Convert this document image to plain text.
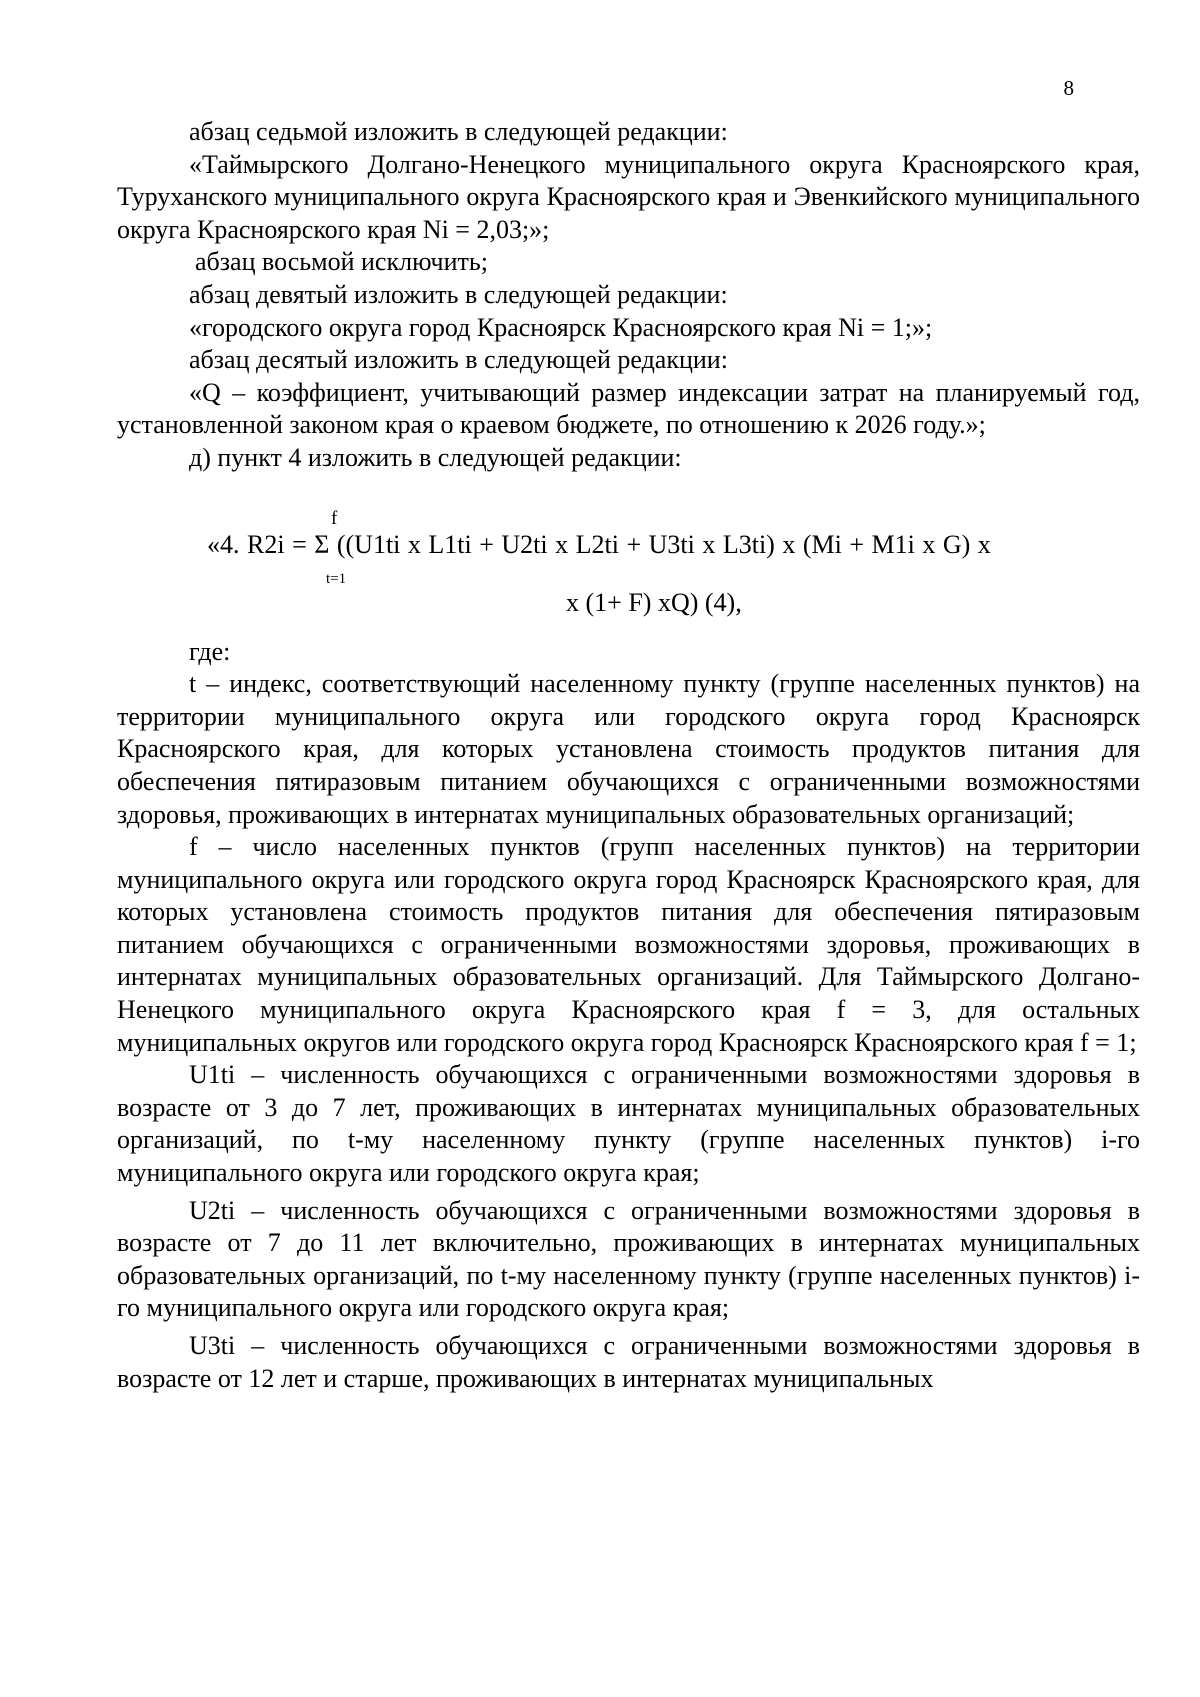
8

абзац седьмой изложить в следующей редакции:

«Таймырского Долгано-Ненецкого муниципального округа Красноярского края, Туруханского муниципального округа Красноярского края и Эвенкийского муниципального округа Красноярского края Ni = 2,03;»;

абзац восьмой исключить;

абзац девятый изложить в следующей редакции:

«городского округа город Красноярск Красноярского края Ni = 1;»;

абзац десятый изложить в следующей редакции:

«Q – коэффициент, учитывающий размер индексации затрат на планируемый год, установленной законом края о краевом бюджете, по отношению к 2026 году.»;

д) пункт 4 изложить в следующей редакции:

f
«4. R2i = Σ ((U1ti x L1ti + U2ti x L2ti + U3ti x L3ti) x (Mi + M1i x G) x
t=1
x (1+ F) xQ) (4),

где:

t – индекс, соответствующий населенному пункту (группе населенных пунктов) на территории муниципального округа или городского округа город Красноярск Красноярского края, для которых установлена стоимость продуктов питания для обеспечения пятиразовым питанием обучающихся с ограниченными возможностями здоровья, проживающих в интернатах муниципальных образовательных организаций;

f – число населенных пунктов (групп населенных пунктов) на территории муниципального округа или городского округа город Красноярск Красноярского края, для которых установлена стоимость продуктов питания для обеспечения пятиразовым питанием обучающихся с ограниченными возможностями здоровья, проживающих в интернатах муниципальных образовательных организаций. Для Таймырского Долгано-Ненецкого муниципального округа Красноярского края f = 3, для остальных муниципальных округов или городского округа город Красноярск Красноярского края f = 1;

U1ti – численность обучающихся с ограниченными возможностями здоровья в возрасте от 3 до 7 лет, проживающих в интернатах муниципальных образовательных организаций, по t-му населенному пункту (группе населенных пунктов) i-го муниципального округа или городского округа края;

U2ti – численность обучающихся с ограниченными возможностями здоровья в возрасте от 7 до 11 лет включительно, проживающих в интернатах муниципальных образовательных организаций, по t-му населенному пункту (группе населенных пунктов) i-го муниципального округа или городского округа края;

U3ti – численность обучающихся с ограниченными возможностями здоровья в возрасте от 12 лет и старше, проживающих в интернатах муниципальных
